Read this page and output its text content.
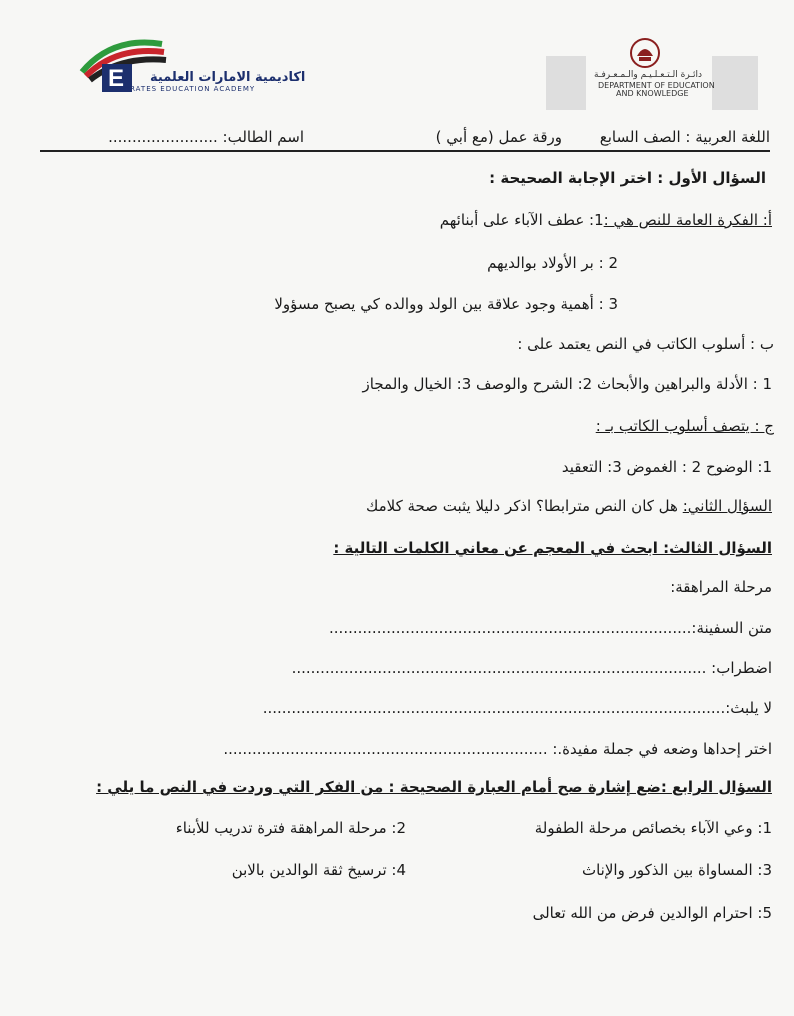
E اكاديمية الامارات العلمية
MIRATES EDUCATION ACADEMY
دائـرة الـتـعـلـيـم والـمـعـرفـة
DEPARTMENT OF EDUCATION
AND KNOWLEDGE
اللغة العربية : الصف السابع
ورقة عمل (مع أبي )
اسم الطالب: .......................
السؤال الأول : اختر الإجابة الصحيحة :
أ: الفكرة العامة للنص هي :1: عطف الآباء على أبنائهم
2 : بر الأولاد بوالديهم
3 : أهمية وجود علاقة بين الولد ووالده كي يصبح مسؤولا
ب : أسلوب الكاتب في النص يعتمد على :
1 : الأدلة والبراهين والأبحاث 2: الشرح والوصف 3: الخيال والمجاز
ج : يتصف أسلوب الكاتب بـ :
1: الوضوح 2 : الغموض 3: التعقيد
السؤال الثاني: هل كان النص مترابطا؟ اذكر دليلا يثبت صحة كلامك
السؤال الثالث: ابحث في المعجم عن معاني الكلمات التالية :
مرحلة المراهقة:
متن السفينة:............................................................................
اضطراب: .......................................................................................
لا يلبث:.................................................................................................
اختر إحداها وضعه في جملة مفيدة.: ....................................................................
السؤال الرابع :ضع إشارة صح أمام العبارة الصحيحة : من الفكر التي وردت في النص ما يلي :
1: وعي الآباء بخصائص مرحلة الطفولة
2: مرحلة المراهقة فترة تدريب للأبناء
3: المساواة بين الذكور والإناث
4: ترسيخ ثقة الوالدين بالابن
5: احترام الوالدين فرض من الله تعالى
